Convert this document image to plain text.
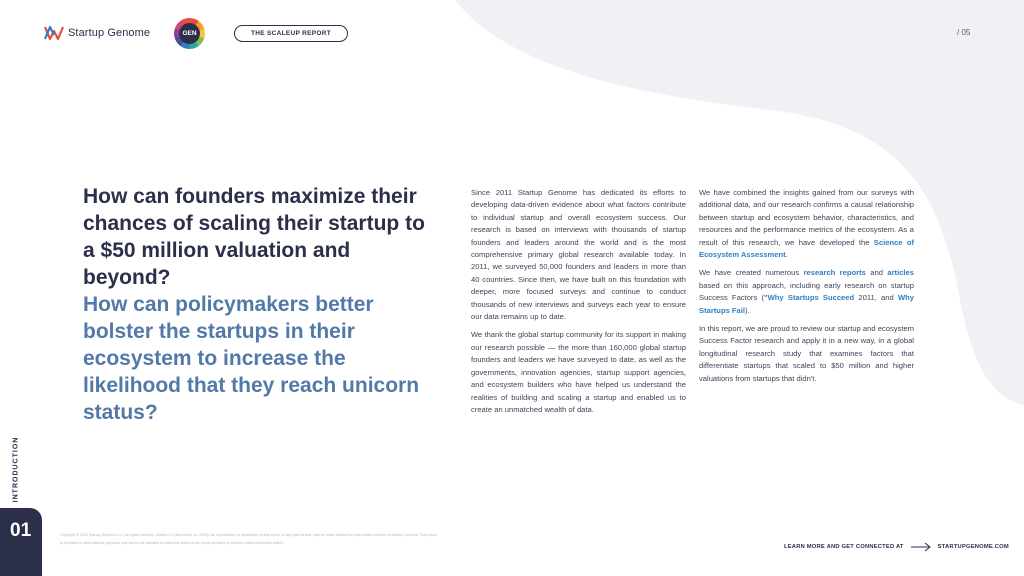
Startup Genome	GEN	THE SCALEUP REPORT	/ 05
How can founders maximize their chances of scaling their startup to a $50 million valuation and beyond?
How can policymakers better bolster the startups in their ecosystem to increase the likelihood that they reach unicorn status?

Since 2011 Startup Genome has dedicated its efforts to developing data-driven evidence about what factors contribute to individual startup and overall ecosystem success. Our research is based on interviews with thousands of startup founders and leaders around the world and is the most comprehensive primary global research available today. In 2011, we surveyed 50,000 founders and leaders in more than 40 countries. Since then, we have built on this foundation with deeper, more focused surveys and continue to conduct thousands of new interviews and surveys each year to ensure our data remains up to date.

We thank the global startup community for its support in making our research possible — the more than 160,000 global startup founders and leaders we have surveyed to date, as well as the governments, innovation agencies, startup support agencies, and ecosystem builders who have helped us understand the realities of building and scaling a startup and enabled us to create an unmatched wealth of data.

We have combined the insights gained from our surveys with additional data, and our research confirms a causal relationship between startup and ecosystem behavior, characteristics, and resources and the performance metrics of the ecosystem. As a result of this research, we have developed the Science of Ecosystem Assessment.

We have created numerous research reports and articles based on this approach, including early research on startup Success Factors ("Why Startups Succeed 2011, and Why Startups Fail).

In this report, we are proud to review our startup and ecosystem Success Factor research and apply it in a new way, in a global longitudinal research study that examines factors that differentiate startups that scaled to $50 million and higher valuations from startups that didn't.

INTRODUCTION
01	Copyright © 2023 Startup Genome LLC. All rights reserved. Version 1.0 (December 14, 2023). No reproduction or distribution of this report, or any part thereof, may be made without the prior written consent of Startup Genome. This report is provided for informational purposes only and is not intended to reflect the views of the report sponsors or partners unless otherwise stated.
LEARN MORE AND GET CONNECTED AT	STARTUPGENOME.COM
